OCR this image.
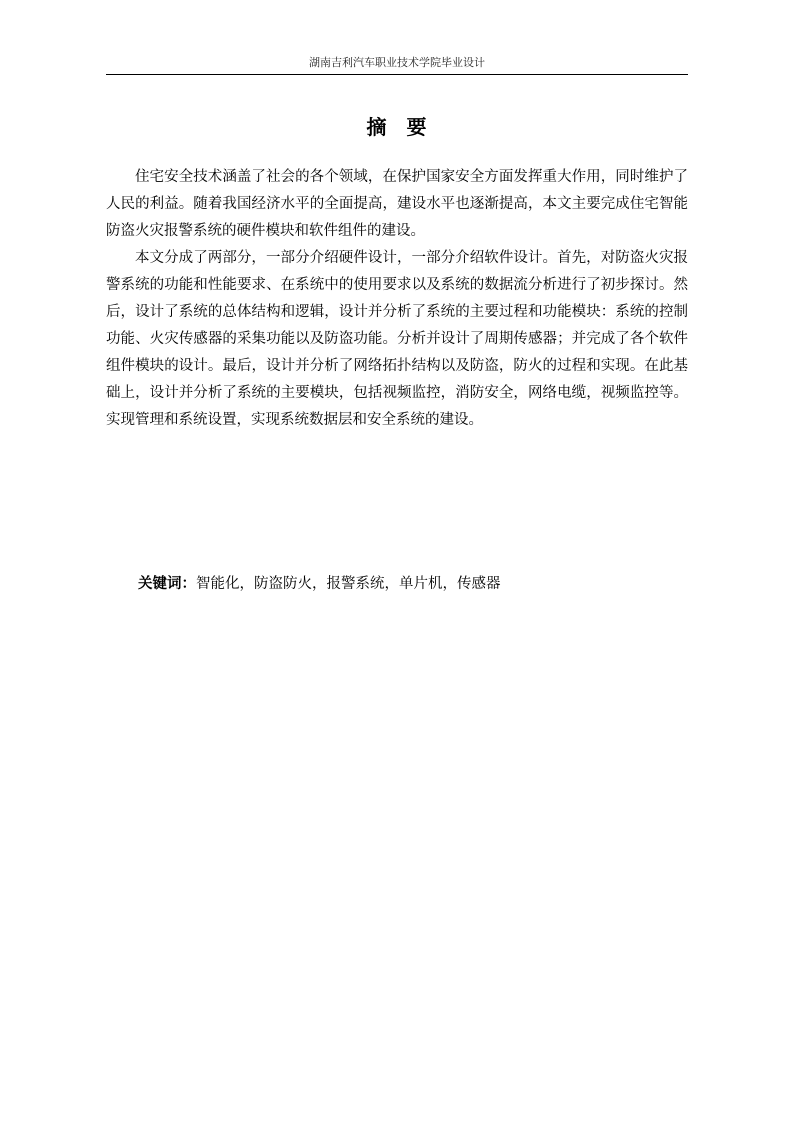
湖南吉利汽车职业技术学院毕业设计
摘要

住宅安全技术涵盖了社会的各个领域，在保护国家安全方面发挥重大作用，同时维护了人民的利益。随着我国经济水平的全面提高，建设水平也逐渐提高，本文主要完成住宅智能防盗火灾报警系统的硬件模块和软件组件的建设。

本文分成了两部分，一部分介绍硬件设计，一部分介绍软件设计。首先，对防盗火灾报警系统的功能和性能要求、在系统中的使用要求以及系统的数据流分析进行了初步探讨。然后，设计了系统的总体结构和逻辑，设计并分析了系统的主要过程和功能模块：系统的控制功能、火灾传感器的采集功能以及防盗功能。分析并设计了周期传感器；并完成了各个软件组件模块的设计。最后，设计并分析了网络拓扑结构以及防盗，防火的过程和实现。在此基础上，设计并分析了系统的主要模块，包括视频监控，消防安全，网络电缆，视频监控等。实现管理和系统设置，实现系统数据层和安全系统的建设。

关键词：智能化，防盗防火，报警系统，单片机，传感器
